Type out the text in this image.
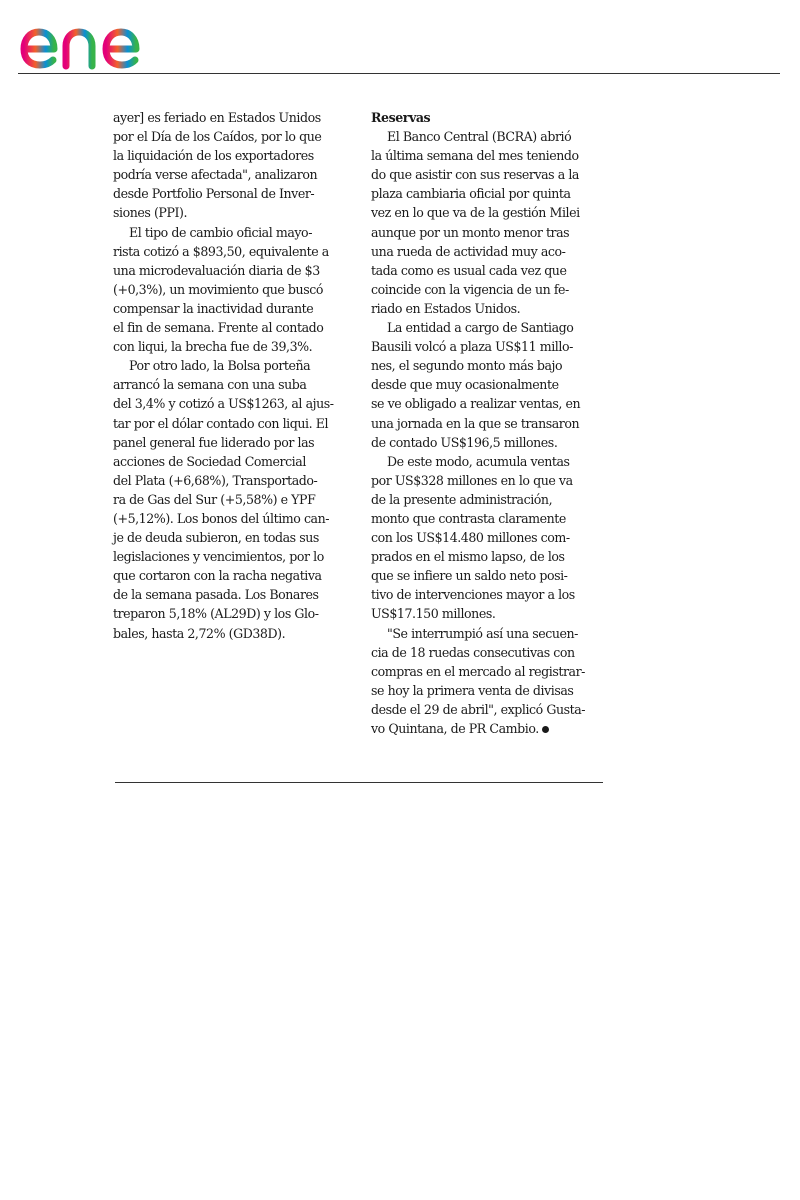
ayer] es feriado en Estados Unidos
por el Día de los Caídos, por lo que
la liquidación de los exportadores
podría verse afectada", analizaron
desde Portfolio Personal de Inver-
siones (PPI).

El tipo de cambio oficial mayo-
rista cotizó a $893,50, equivalente a
una microdevaluación diaria de $3
(+0,3%), un movimiento que buscó
compensar la inactividad durante
el fin de semana. Frente al contado
con liqui, la brecha fue de 39,3%.

Por otro lado, la Bolsa porteña
arrancó la semana con una suba
del 3,4% y cotizó a US$1263, al ajus-
tar por el dólar contado con liqui. El
panel general fue liderado por las
acciones de Sociedad Comercial
del Plata (+6,68%), Transportado-
ra de Gas del Sur (+5,58%) e YPF
(+5,12%). Los bonos del último can-
je de deuda subieron, en todas sus
legislaciones y vencimientos, por lo
que cortaron con la racha negativa
de la semana pasada. Los Bonares
treparon 5,18% (AL29D) y los Glo-
bales, hasta 2,72% (GD38D).

Reservas

El Banco Central (BCRA) abrió
la última semana del mes teniendo
do que asistir con sus reservas a la
plaza cambiaria oficial por quinta
vez en lo que va de la gestión Milei
aunque por un monto menor tras
una rueda de actividad muy aco-
tada como es usual cada vez que
coincide con la vigencia de un fe-
riado en Estados Unidos.

La entidad a cargo de Santiago
Bausili volcó a plaza US$11 millo-
nes, el segundo monto más bajo
desde que muy ocasionalmente
se ve obligado a realizar ventas, en
una jornada en la que se transaron
de contado US$196,5 millones.

De este modo, acumula ventas
por US$328 millones en lo que va
de la presente administración,
monto que contrasta claramente
con los US$14.480 millones com-
prados en el mismo lapso, de los
que se infiere un saldo neto posi-
tivo de intervenciones mayor a los
US$17.150 millones.

"Se interrumpió así una secuen-
cia de 18 ruedas consecutivas con
compras en el mercado al registrar-
se hoy la primera venta de divisas
desde el 29 de abril", explicó Gusta-
vo Quintana, de PR Cambio.
